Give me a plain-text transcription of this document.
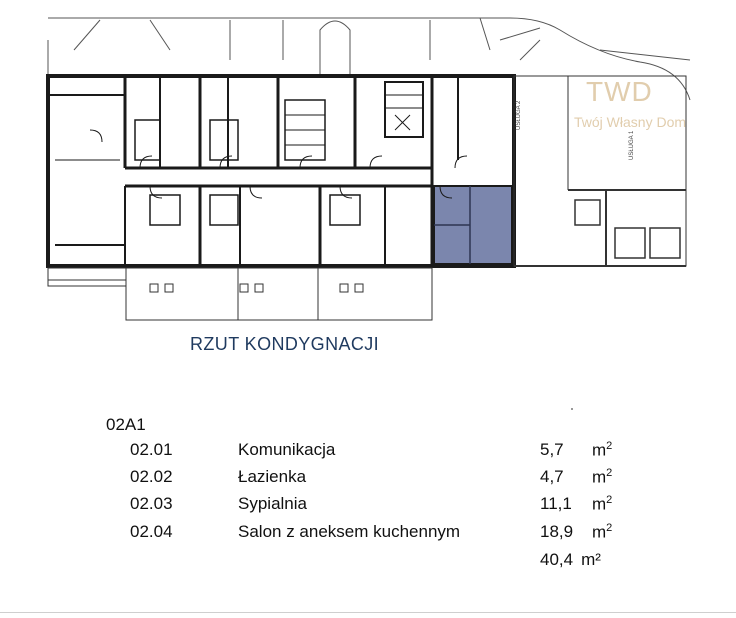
USŁUGA 2
USŁUGA 1
TWD
Twój Własny Dom
RZUT KONDYGNACJI
02A1
02.01	Komunikacja	5,7	$m^2$
02.02	Łazienka	4,7	$m^2$
02.03	Sypialnia	11,1	$m^2$
02.04	Salon z aneksem kuchennym	18,9	$m^2$
40,4 m²
